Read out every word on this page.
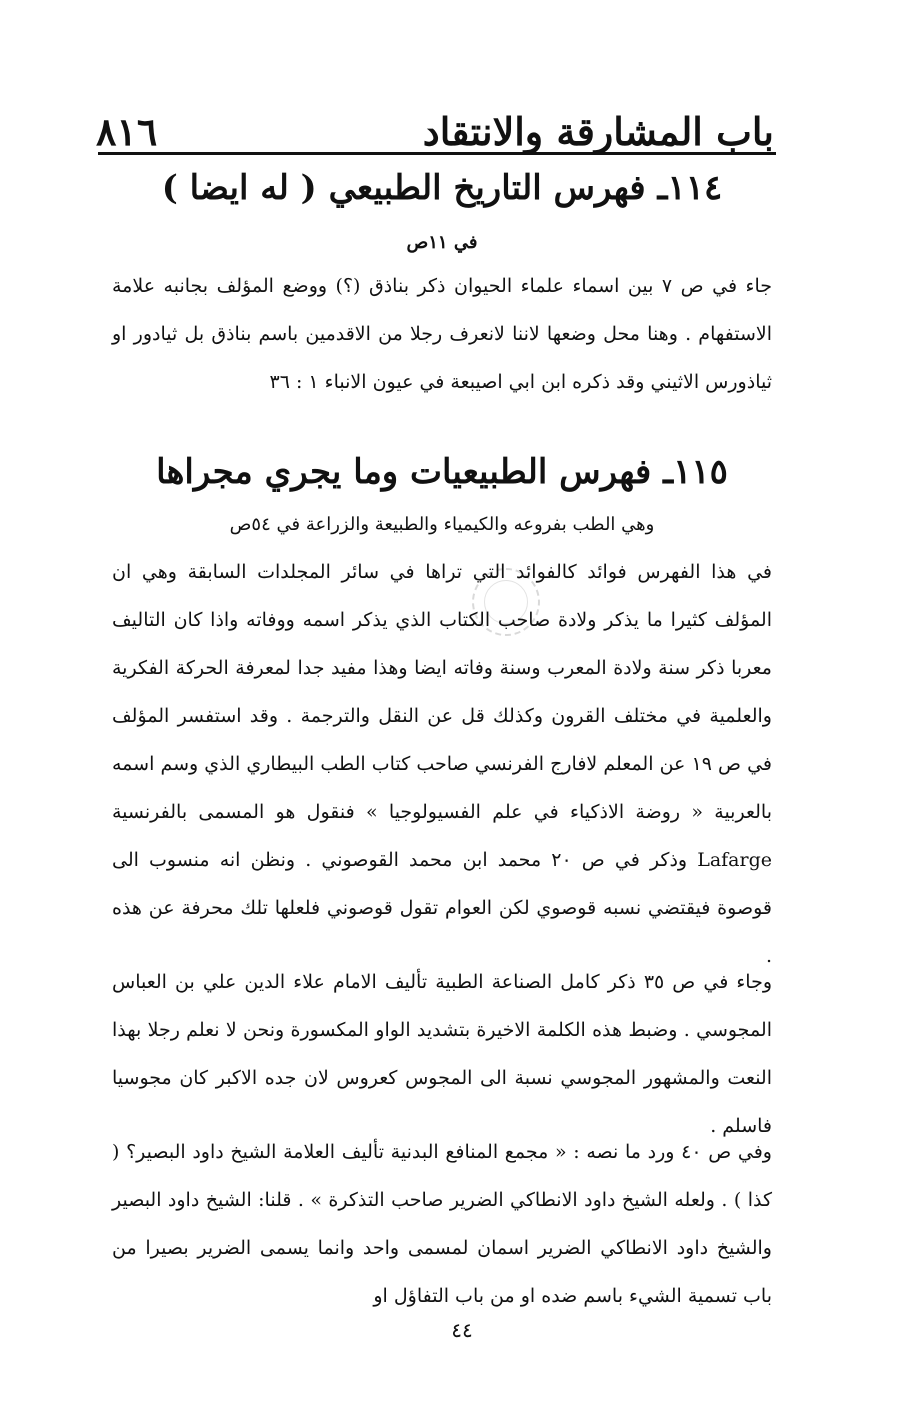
٨١٦	باب المشارقة والانتقاد
١١٤ـ فهرس التاريخ الطبيعي ( له ايضا )
في ١١ص
جاء في ص ٧ بين اسماء علماء الحيوان ذكر بناذق (؟) ووضع المؤلف بجانبه علامة الاستفهام . وهنا محل وضعها لاننا لانعرف رجلا من الاقدمين باسم بناذق بل ثيادور او ثياذورس الاثيني وقد ذكره ابن ابي اصيبعة في عيون الانباء ١ : ٣٦
١١٥ـ فهرس الطبيعيات وما يجري مجراها
وهي الطب بفروعه والكيمياء والطبيعة والزراعة في ٥٤ص
في هذا الفهرس فوائد كالفوائد التي تراها في سائر المجلدات السابقة وهي ان المؤلف كثيرا ما يذكر ولادة صاحب الكتاب الذي يذكر اسمه ووفاته واذا كان التاليف معربا ذكر سنة ولادة المعرب وسنة وفاته ايضا وهذا مفيد جدا لمعرفة الحركة الفكرية والعلمية في مختلف القرون وكذلك قل عن النقل والترجمة . وقد استفسر المؤلف في ص ١٩ عن المعلم لافارج الفرنسي صاحب كتاب الطب البيطاري الذي وسم اسمه بالعربية « روضة الاذكياء في علم الفسيولوجيا » فنقول هو المسمى بالفرنسية Lafarge وذكر في ص ٢٠ محمد ابن محمد القوصوني . ونظن انه منسوب الى قوصوة فيقتضي نسبه قوصوي لكن العوام تقول قوصوني فلعلها تلك محرفة عن هذه .
وجاء في ص ٣٥ ذكر كامل الصناعة الطبية تأليف الامام علاء الدين علي بن العباس المجوسي . وضبط هذه الكلمة الاخيرة بتشديد الواو المكسورة ونحن لا نعلم رجلا بهذا النعت والمشهور المجوسي نسبة الى المجوس كعروس لان جده الاكبر كان مجوسيا فاسلم .
وفي ص ٤٠ ورد ما نصه : « مجمع المنافع البدنية تأليف العلامة الشيخ داود البصير؟ ( كذا ) . ولعله الشيخ داود الانطاكي الضرير صاحب التذكرة » . قلنا: الشيخ داود البصير والشيخ داود الانطاكي الضرير اسمان لمسمى واحد وانما يسمى الضرير بصيرا من باب تسمية الشيء باسم ضده او من باب التفاؤل او
٤٤
